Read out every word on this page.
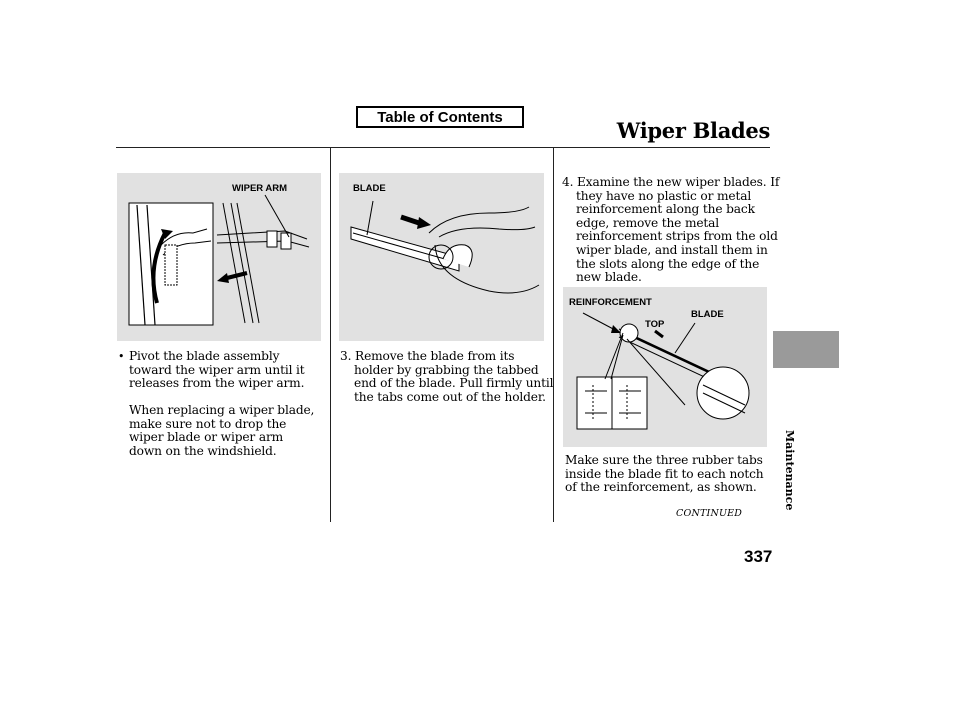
Table of Contents
Wiper Blades
WIPER ARM	BLADE
REINFORCEMENT
BLADE
TOP
• Pivot the blade assembly toward the wiper arm until it releases from the wiper arm.
When replacing a wiper blade, make sure not to drop the wiper blade or wiper arm down on the windshield.
3. Remove the blade from its holder by grabbing the tabbed end of the blade. Pull firmly until the tabs come out of the holder.
4. Examine the new wiper blades. If they have no plastic or metal reinforcement along the back edge, remove the metal reinforcement strips from the old wiper blade, and install them in the slots along the edge of the new blade.
Make sure the three rubber tabs inside the blade fit to each notch of the reinforcement, as shown.
CONTINUED
337
Maintenance
